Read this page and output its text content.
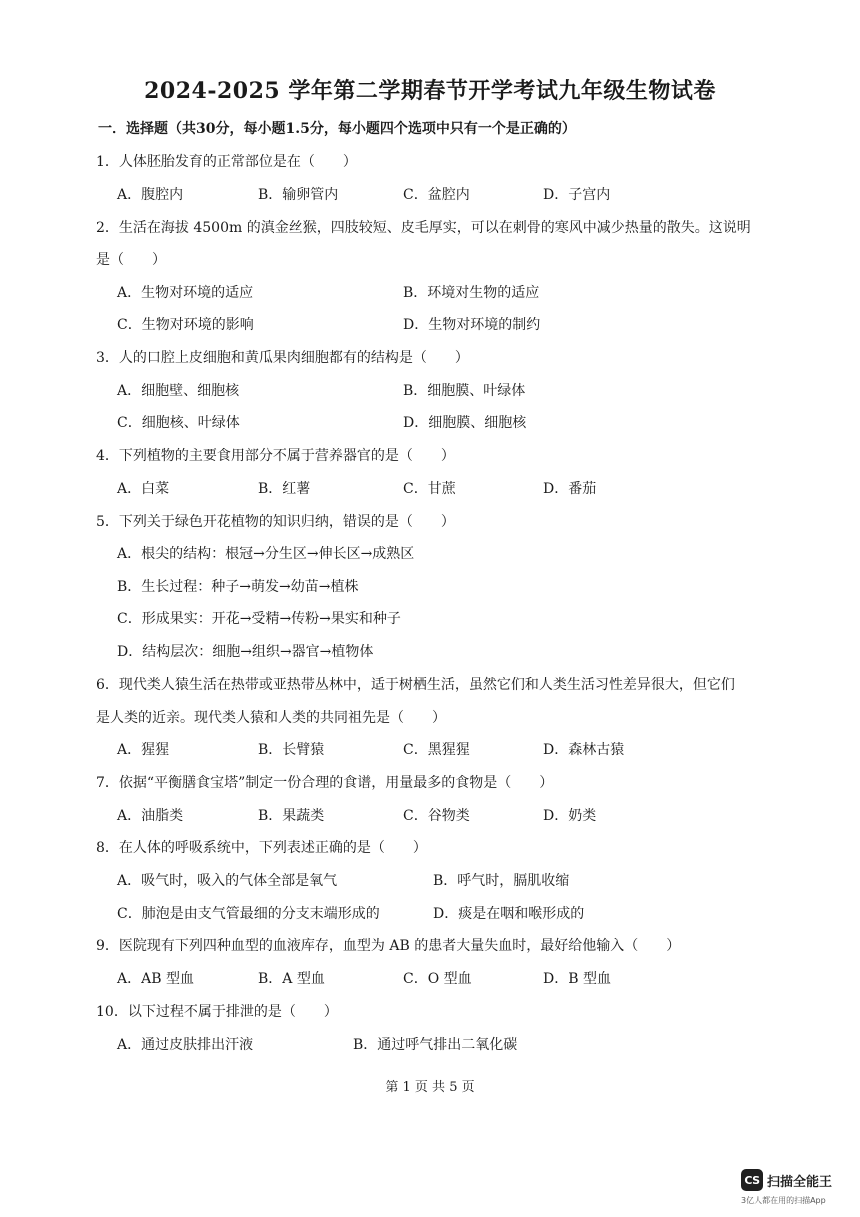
2024-2025 学年第二学期春节开学考试九年级生物试卷
一．选择题（共30分，每小题1.5分，每小题四个选项中只有一个是正确的）
1．人体胚胎发育的正常部位是在（　　）
A．腹腔内	B．输卵管内	C．盆腔内	D．子宫内
2．生活在海拔 4500m 的滇金丝猴，四肢较短、皮毛厚实，可以在刺骨的寒风中减少热量的散失。这说明
是（　　）
A．生物对环境的适应	B．环境对生物的适应
C．生物对环境的影响	D．生物对环境的制约
3．人的口腔上皮细胞和黄瓜果肉细胞都有的结构是（　　）
A．细胞壁、细胞核	B．细胞膜、叶绿体
C．细胞核、叶绿体	D．细胞膜、细胞核
4．下列植物的主要食用部分不属于营养器官的是（　　）
A．白菜	B．红薯	C．甘蔗	D．番茄
5．下列关于绿色开花植物的知识归纳，错误的是（　　）
A．根尖的结构：根冠→分生区→伸长区→成熟区
B．生长过程：种子→萌发→幼苗→植株
C．形成果实：开花→受精→传粉→果实和种子
D．结构层次：细胞→组织→器官→植物体
6．现代类人猿生活在热带或亚热带丛林中，适于树栖生活，虽然它们和人类生活习性差异很大，但它们
是人类的近亲。现代类人猿和人类的共同祖先是（　　）
A．猩猩	B．长臂猿	C．黑猩猩	D．森林古猿
7．依据“平衡膳食宝塔”制定一份合理的食谱，用量最多的食物是（　　）
A．油脂类	B．果蔬类	C．谷物类	D．奶类
8．在人体的呼吸系统中，下列表述正确的是（　　）
A．吸气时，吸入的气体全部是氧气	B．呼气时，膈肌收缩
C．肺泡是由支气管最细的分支末端形成的	D．痰是在咽和喉形成的
9．医院现有下列四种血型的血液库存，血型为 AB 的患者大量失血时，最好给他输入（　　）
A．AB 型血	B．A 型血	C．O 型血	D．B 型血
10．以下过程不属于排泄的是（　　）
A．通过皮肤排出汗液	B．通过呼气排出二氧化碳
第 1 页 共 5 页
CS 扫描全能王
3亿人都在用的扫描App
